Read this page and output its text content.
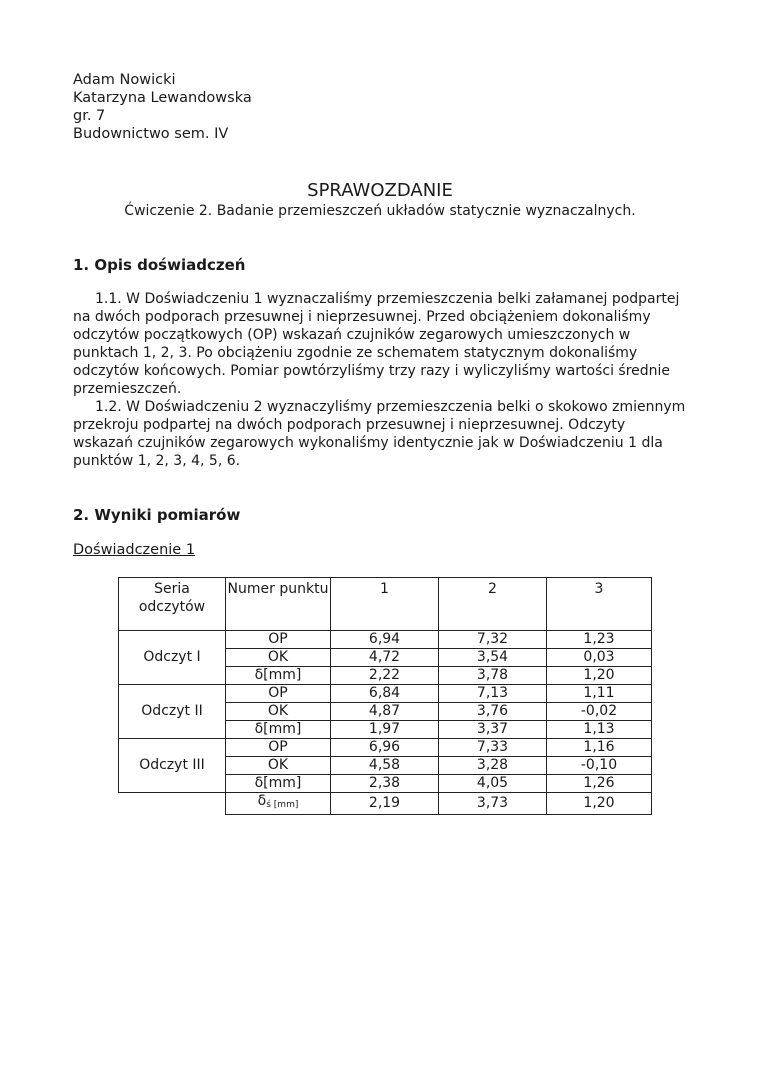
Adam Nowicki
Katarzyna Lewandowska
gr. 7
Budownictwo sem. IV
SPRAWOZDANIE
Ćwiczenie 2. Badanie przemieszczeń układów statycznie wyznaczalnych.
1. Opis doświadczeń

1.1. W Doświadczeniu 1 wyznaczaliśmy przemieszczenia belki załamanej podpartej na dwóch podporach przesuwnej i nieprzesuwnej. Przed obciążeniem dokonaliśmy odczytów początkowych (OP) wskazań czujników zegarowych umieszczonych w punktach 1, 2, 3. Po obciążeniu zgodnie ze schematem statycznym dokonaliśmy odczytów końcowych. Pomiar powtórzyliśmy trzy razy i wyliczyliśmy wartości średnie przemieszczeń.

1.2. W Doświadczeniu 2 wyznaczyliśmy przemieszczenia belki o skokowo zmiennym przekroju podpartej na dwóch podporach przesuwnej i nieprzesuwnej. Odczyty wskazań czujników zegarowych wykonaliśmy identycznie jak w Doświadczeniu 1 dla punktów 1, 2, 3, 4, 5, 6.

2. Wyniki pomiarów
Doświadczenie 1
Seria odczytów	Numer punktu	1	2	3
Odczyt I	OP	6,94	7,32	1,23
	OK	4,72	3,54	0,03
	δ[mm]	2,22	3,78	1,20
Odczyt II	OP	6,84	7,13	1,11
	OK	4,87	3,76	-0,02
	δ[mm]	1,97	3,37	1,13
Odczyt III	OP	6,96	7,33	1,16
	OK	4,58	3,28	-0,10
	δ[mm]	2,38	4,05	1,26
	δś [mm]	2,19	3,73	1,20
